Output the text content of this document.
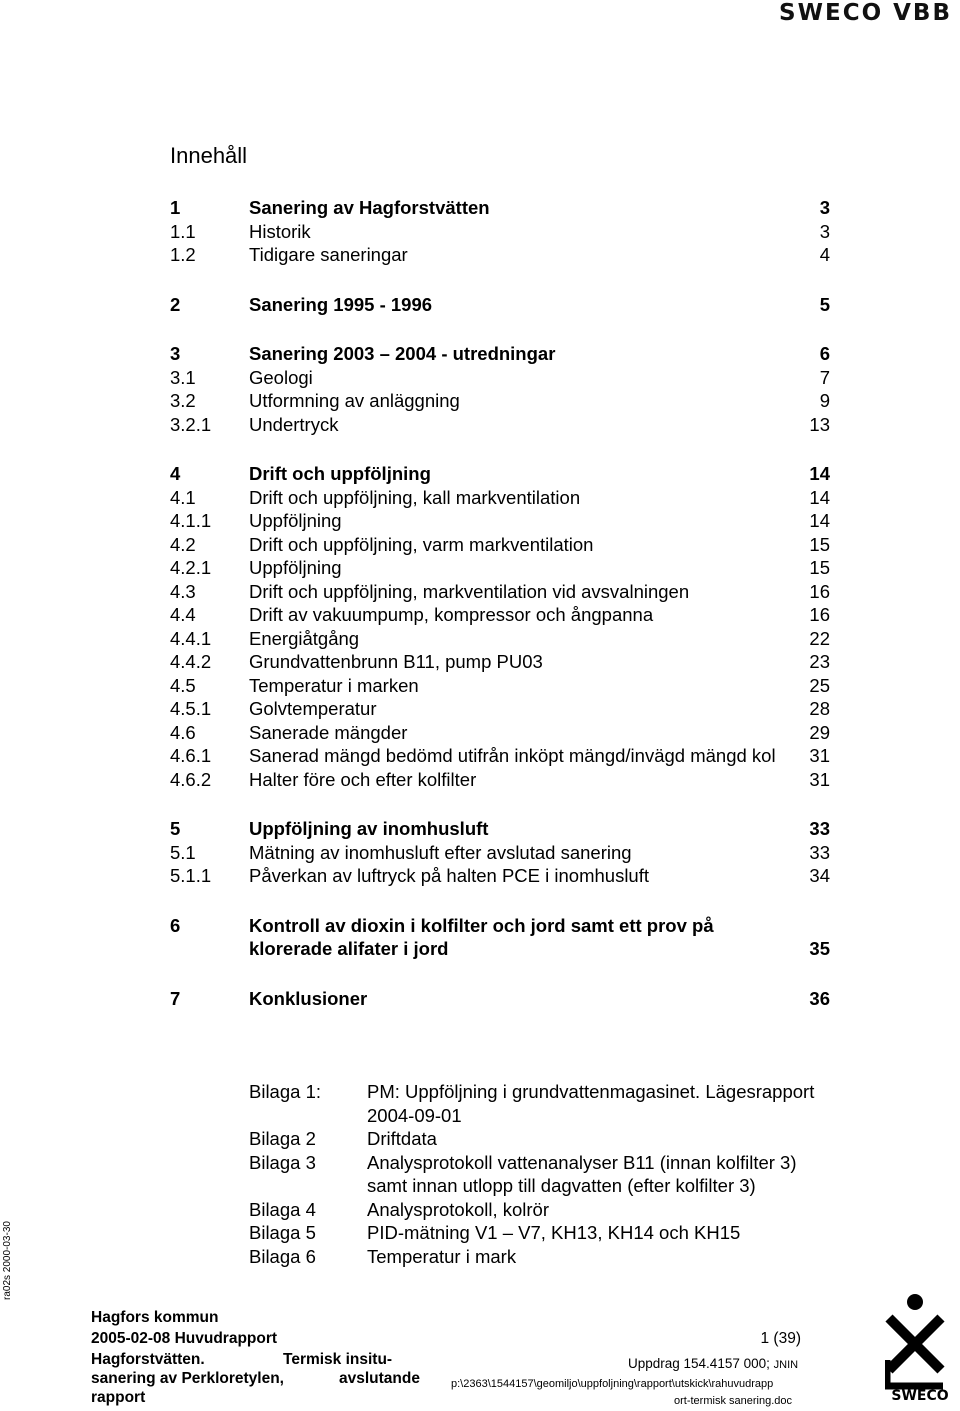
SWECO VBB
Innehåll
1	Sanering av Hagforstvätten	3
1.1	Historik	3
1.2	Tidigare saneringar	4
2	Sanering 1995 - 1996	5
3	Sanering 2003 – 2004 - utredningar	6
3.1	Geologi	7
3.2	Utformning av anläggning	9
3.2.1 Undertryck	13
4	Drift och uppföljning	14
4.1	Drift och uppföljning, kall markventilation	14
4.1.1 Uppföljning	14
4.2	Drift och uppföljning, varm markventilation	15
4.2.1 Uppföljning	15
4.3	Drift och uppföljning, markventilation vid avsvalningen	16
4.4	Drift av vakuumpump, kompressor och ångpanna	16
4.4.1 Energiåtgång	22
4.4.2 Grundvattenbrunn B11, pump PU03	23
4.5	Temperatur i marken	25
4.5.1 Golvtemperatur	28
4.6	Sanerade mängder	29
4.6.1 Sanerad mängd bedömd utifrån inköpt mängd/invägd mängd kol	31
4.6.2 Halter före och efter kolfilter	31
5	Uppföljning av inomhusluft	33
5.1	Mätning av inomhusluft efter avslutad sanering	33
5.1.1 Påverkan av luftryck på halten PCE i inomhusluft	34
6	Kontroll av dioxin i kolfilter och jord samt ett prov på klorerade alifater i jord	35
7	Konklusioner	36
Bilaga 1: PM: Uppföljning i grundvattenmagasinet. Lägesrapport 2004-09-01
Bilaga 2	Driftdata
Bilaga 3	Analysprotokoll vattenanalyser B11 (innan kolfilter 3) samt innan utlopp till dagvatten (efter kolfilter 3)
Bilaga 4	Analysprotokoll, kolrör
Bilaga 5	PID-mätning V1 – V7, KH13, KH14 och KH15
Bilaga 6	Temperatur i mark
ra02s 2000-03-30
Hagfors kommun
2005-02-08 Huvudrapport
Hagforstvätten.	Termisk insitu-
sanering av Perkloretylen,	avslutande
rapport
1 (39)
Uppdrag 154.4157 000; JNIN
p:\2363\1544157\geomiljo\uppfoljning\rapport\utskick\rahuvudrapp
ort-termisk sanering.doc	SWECO
